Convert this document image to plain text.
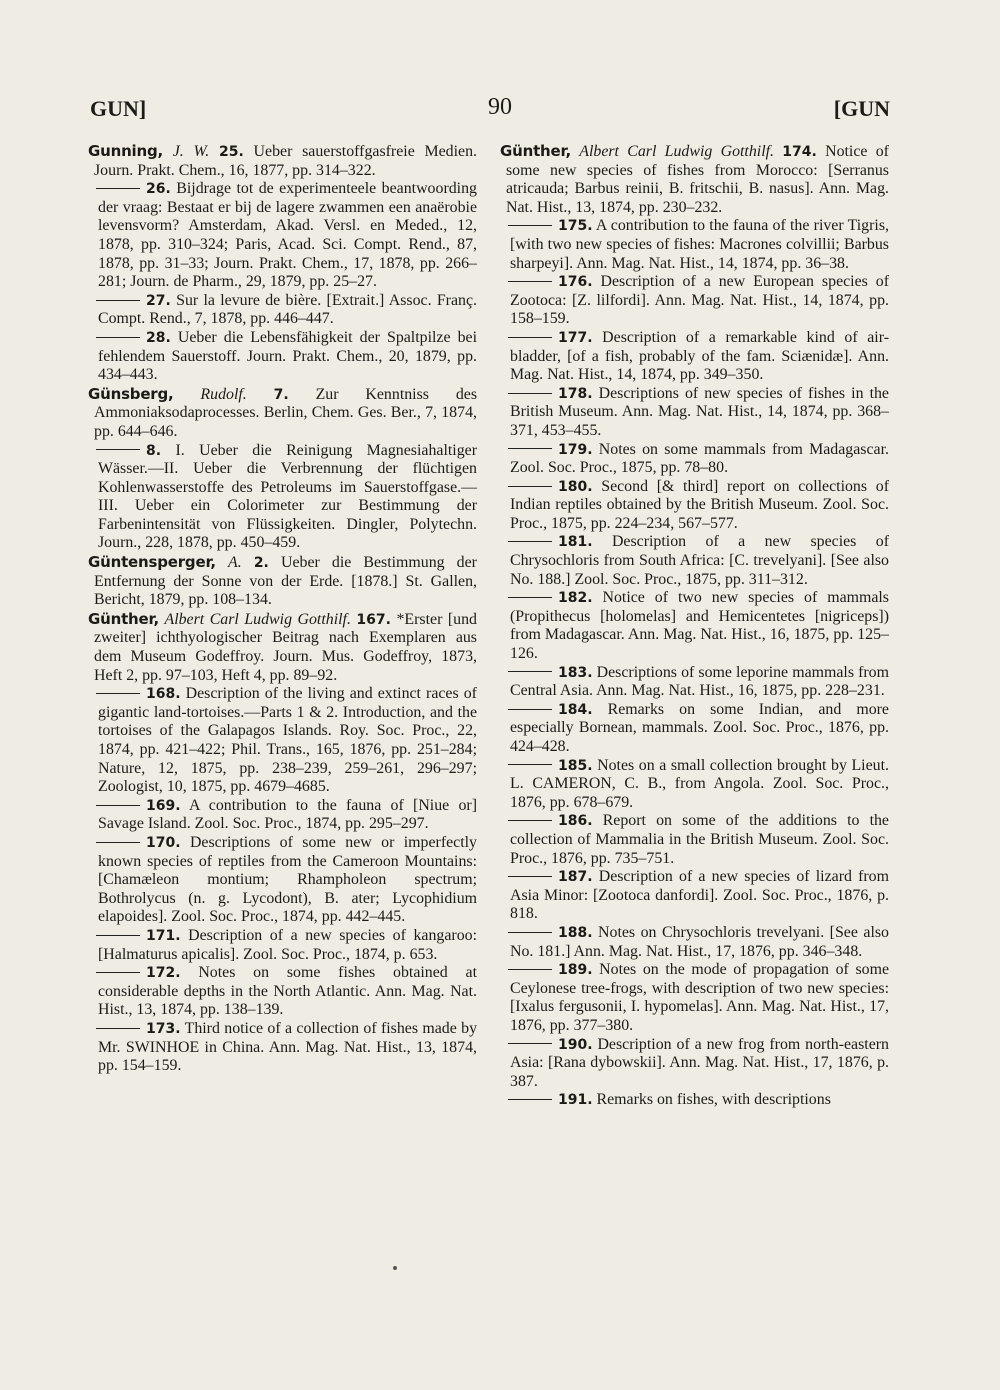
GUN]	90	[GUN
Gunning, J. W. 25. Ueber sauerstoffgasfreie Medien. Journ. Prakt. Chem., 16, 1877, pp. 314–322.
26. Bijdrage tot de experimenteele beantwoording der vraag: Bestaat er bij de lagere zwammen een anaërobie levensvorm? Amsterdam, Akad. Versl. en Meded., 12, 1878, pp. 310–324; Paris, Acad. Sci. Compt. Rend., 87, 1878, pp. 31–33; Journ. Prakt. Chem., 17, 1878, pp. 266–281; Journ. de Pharm., 29, 1879, pp. 25–27.
27. Sur la levure de bière. [Extrait.] Assoc. Franç. Compt. Rend., 7, 1878, pp. 446–447.
28. Ueber die Lebensfähigkeit der Spaltpilze bei fehlendem Sauerstoff. Journ. Prakt. Chem., 20, 1879, pp. 434–443.
Günsberg, Rudolf. 7. Zur Kenntniss des Ammoniaksodaprocesses. Berlin, Chem. Ges. Ber., 7, 1874, pp. 644–646.
8. I. Ueber die Reinigung Magnesiahaltiger Wässer.—II. Ueber die Verbrennung der flüchtigen Kohlenwasserstoffe des Petroleums im Sauerstoffgase.—III. Ueber ein Colorimeter zur Bestimmung der Farbenintensität von Flüssigkeiten. Dingler, Polytechn. Journ., 228, 1878, pp. 450–459.
Güntensperger, A. 2. Ueber die Bestimmung der Entfernung der Sonne von der Erde. [1878.] St. Gallen, Bericht, 1879, pp. 108–134.
Günther, Albert Carl Ludwig Gotthilf. 167. *Erster [und zweiter] ichthyologischer Beitrag nach Exemplaren aus dem Museum Godeffroy. Journ. Mus. Godeffroy, 1873, Heft 2, pp. 97–103, Heft 4, pp. 89–92.
168. Description of the living and extinct races of gigantic land-tortoises.—Parts 1 & 2. Introduction, and the tortoises of the Galapagos Islands. Roy. Soc. Proc., 22, 1874, pp. 421–422; Phil. Trans., 165, 1876, pp. 251–284; Nature, 12, 1875, pp. 238–239, 259–261, 296–297; Zoologist, 10, 1875, pp. 4679–4685.
169. A contribution to the fauna of [Niue or] Savage Island. Zool. Soc. Proc., 1874, pp. 295–297.
170. Descriptions of some new or imperfectly known species of reptiles from the Cameroon Mountains: [Chamæleon montium; Rhampholeon spectrum; Bothrolycus (n. g. Lycodont), B. ater; Lycophidium elapoides]. Zool. Soc. Proc., 1874, pp. 442–445.
171. Description of a new species of kangaroo: [Halmaturus apicalis]. Zool. Soc. Proc., 1874, p. 653.
172. Notes on some fishes obtained at considerable depths in the North Atlantic. Ann. Mag. Nat. Hist., 13, 1874, pp. 138–139.
173. Third notice of a collection of fishes made by Mr. SWINHOE in China. Ann. Mag. Nat. Hist., 13, 1874, pp. 154–159.
Günther, Albert Carl Ludwig Gotthilf. 174. Notice of some new species of fishes from Morocco: [Serranus atricauda; Barbus reinii, B. fritschii, B. nasus]. Ann. Mag. Nat. Hist., 13, 1874, pp. 230–232.
175. A contribution to the fauna of the river Tigris, [with two new species of fishes: Macrones colvillii; Barbus sharpeyi]. Ann. Mag. Nat. Hist., 14, 1874, pp. 36–38.
176. Description of a new European species of Zootoca: [Z. lilfordi]. Ann. Mag. Nat. Hist., 14, 1874, pp. 158–159.
177. Description of a remarkable kind of air-bladder, [of a fish, probably of the fam. Sciænidæ]. Ann. Mag. Nat. Hist., 14, 1874, pp. 349–350.
178. Descriptions of new species of fishes in the British Museum. Ann. Mag. Nat. Hist., 14, 1874, pp. 368–371, 453–455.
179. Notes on some mammals from Madagascar. Zool. Soc. Proc., 1875, pp. 78–80.
180. Second [& third] report on collections of Indian reptiles obtained by the British Museum. Zool. Soc. Proc., 1875, pp. 224–234, 567–577.
181. Description of a new species of Chrysochloris from South Africa: [C. trevelyani]. [See also No. 188.] Zool. Soc. Proc., 1875, pp. 311–312.
182. Notice of two new species of mammals (Propithecus [holomelas] and Hemicentetes [nigriceps]) from Madagascar. Ann. Mag. Nat. Hist., 16, 1875, pp. 125–126.
183. Descriptions of some leporine mammals from Central Asia. Ann. Mag. Nat. Hist., 16, 1875, pp. 228–231.
184. Remarks on some Indian, and more especially Bornean, mammals. Zool. Soc. Proc., 1876, pp. 424–428.
185. Notes on a small collection brought by Lieut. L. CAMERON, C. B., from Angola. Zool. Soc. Proc., 1876, pp. 678–679.
186. Report on some of the additions to the collection of Mammalia in the British Museum. Zool. Soc. Proc., 1876, pp. 735–751.
187. Description of a new species of lizard from Asia Minor: [Zootoca danfordi]. Zool. Soc. Proc., 1876, p. 818.
188. Notes on Chrysochloris trevelyani. [See also No. 181.] Ann. Mag. Nat. Hist., 17, 1876, pp. 346–348.
189. Notes on the mode of propagation of some Ceylonese tree-frogs, with description of two new species: [Ixalus fergusonii, I. hypomelas]. Ann. Mag. Nat. Hist., 17, 1876, pp. 377–380.
190. Description of a new frog from north-eastern Asia: [Rana dybowskii]. Ann. Mag. Nat. Hist., 17, 1876, p. 387.
191. Remarks on fishes, with descriptions
